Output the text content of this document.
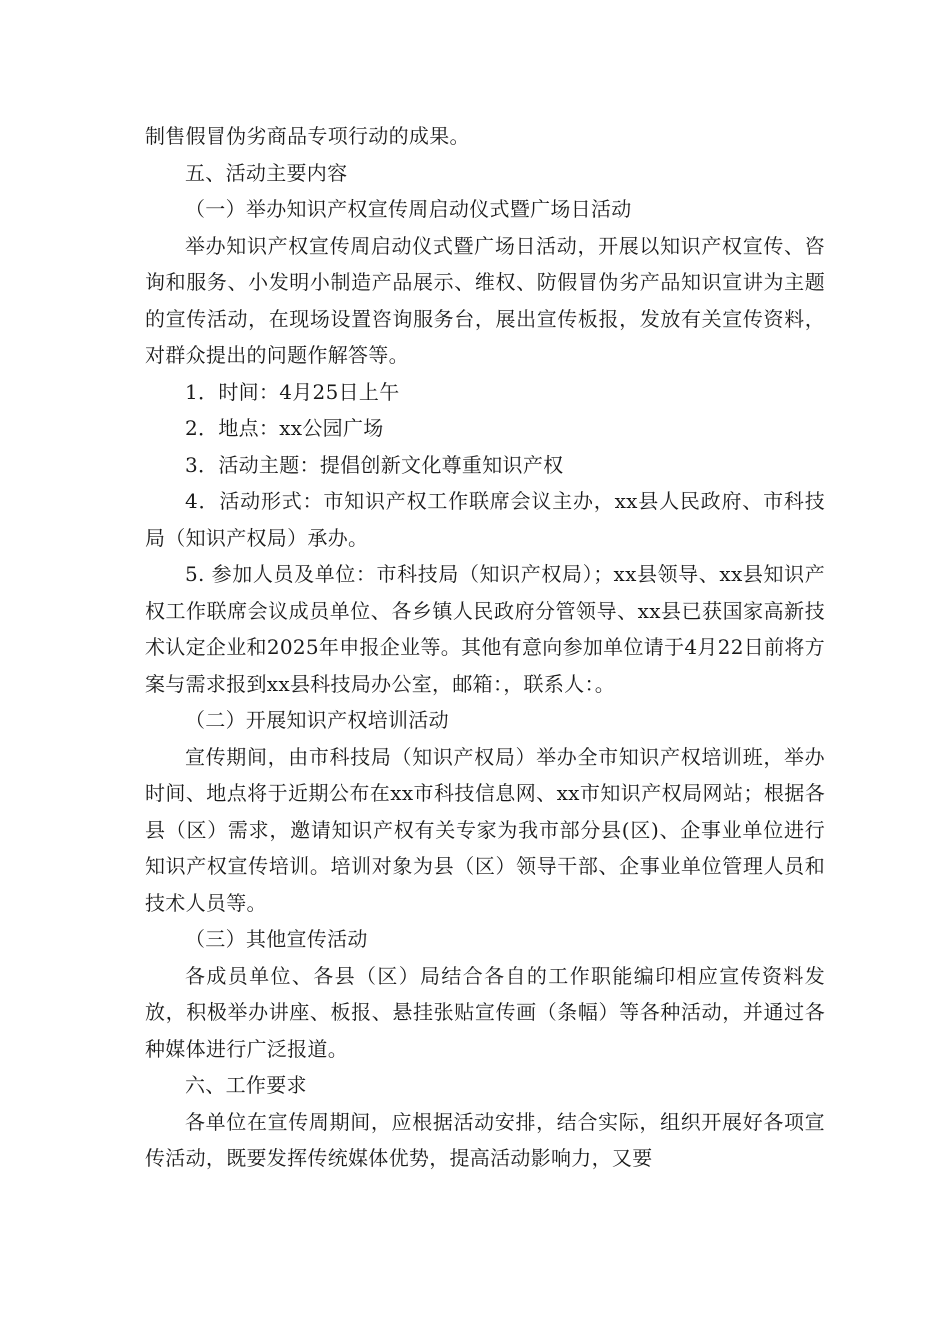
制售假冒伪劣商品专项行动的成果。

五、活动主要内容

（一）举办知识产权宣传周启动仪式暨广场日活动

举办知识产权宣传周启动仪式暨广场日活动，开展以知识产权宣传、咨询和服务、小发明小制造产品展示、维权、防假冒伪劣产品知识宣讲为主题的宣传活动，在现场设置咨询服务台，展出宣传板报，发放有关宣传资料，对群众提出的问题作解答等。

1．时间：4月25日上午

2．地点：xx公园广场

3．活动主题：提倡创新文化尊重知识产权

4．活动形式：市知识产权工作联席会议主办，xx县人民政府、市科技局（知识产权局）承办。

5. 参加人员及单位：市科技局（知识产权局）；xx县领导、xx县知识产权工作联席会议成员单位、各乡镇人民政府分管领导、xx县已获国家高新技术认定企业和2025年申报企业等。其他有意向参加单位请于4月22日前将方案与需求报到xx县科技局办公室，邮箱：，联系人：。

（二）开展知识产权培训活动

宣传期间，由市科技局（知识产权局）举办全市知识产权培训班，举办时间、地点将于近期公布在xx市科技信息网、xx市知识产权局网站；根据各县（区）需求，邀请知识产权有关专家为我市部分县(区)、企事业单位进行知识产权宣传培训。培训对象为县（区）领导干部、企事业单位管理人员和技术人员等。

（三）其他宣传活动

各成员单位、各县（区）局结合各自的工作职能编印相应宣传资料发放，积极举办讲座、板报、悬挂张贴宣传画（条幅）等各种活动，并通过各种媒体进行广泛报道。

六、工作要求

各单位在宣传周期间，应根据活动安排，结合实际，组织开展好各项宣传活动，既要发挥传统媒体优势，提高活动影响力，又要
